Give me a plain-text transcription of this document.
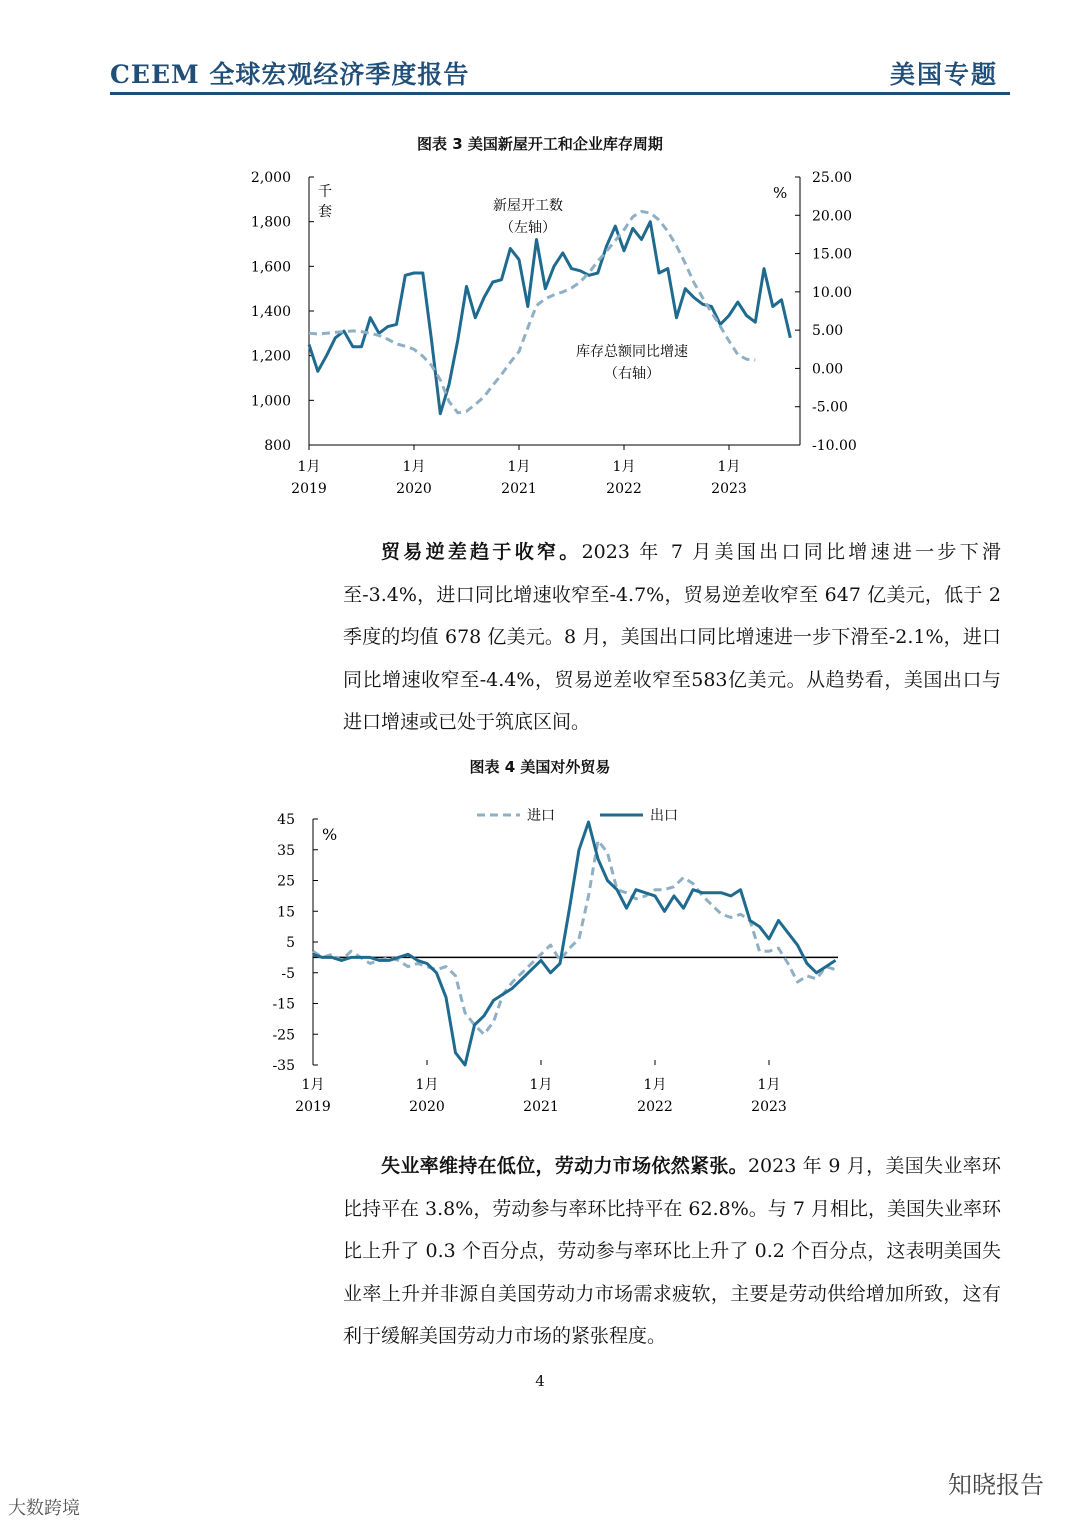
CEEM 全球宏观经济季度报告	美国专题
图表 3 美国新屋开工和企业库存周期
2,000
1,800
1,600
1,400
1,200
1,000
800
25.00
20.00
15.00
10.00
5.00
0.00
-5.00
-10.00
1月
2019
1月
2020
1月
2021
1月
2022
1月
2023
千
套
%
新屋开工数
（左轴）
库存总额同比增速
（右轴）
贸易逆差趋于收窄。2023 年 7 月美国出口同比增速进一步下滑至-3.4%，进口同比增速收窄至-4.7%，贸易逆差收窄至 647 亿美元，低于 2 季度的均值 678 亿美元。8 月，美国出口同比增速进一步下滑至-2.1%，进口同比增速收窄至-4.4%，贸易逆差收窄至583亿美元。从趋势看，美国出口与进口增速或已处于筑底区间。
图表 4 美国对外贸易
45
35
25
15
5
-5
-15
-25
-35
1月
2019
1月
2020
1月
2021
1月
2022
1月
2023
%
进口	出口
失业率维持在低位，劳动力市场依然紧张。2023 年 9 月，美国失业率环比持平在 3.8%，劳动参与率环比持平在 62.8%。与 7 月相比，美国失业率环比上升了 0.3 个百分点，劳动参与率环比上升了 0.2 个百分点，这表明美国失业率上升并非源自美国劳动力市场需求疲软，主要是劳动供给增加所致，这有利于缓解美国劳动力市场的紧张程度。
4
知晓报告
大数跨境
